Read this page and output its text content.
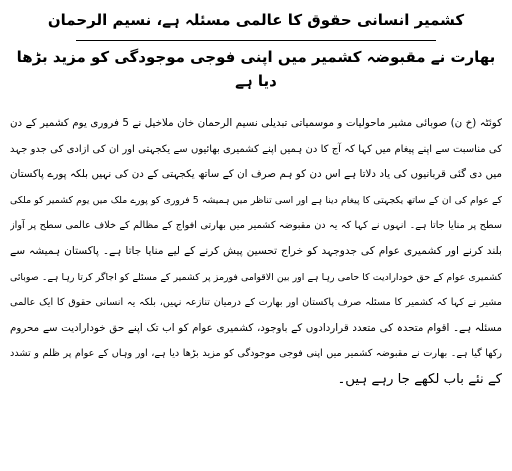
کشمیر انسانی حقوق کا عالمی مسئلہ ہے، نسیم الرحمان
بھارت نے مقبوضہ کشمیر میں اپنی فوجی موجودگی کو مزید بڑھا دیا ہے
کوئٹہ (خ ن) صوبائی مشیر ماحولیات و موسمیاتی تبدیلی نسیم الرحمان خان ملاخیل نے 5 فروری یوم کشمیر کے دن
کی مناسبت سے اپنے پیغام میں کہا کہ آج کا دن ہمیں اپنے کشمیری بھائیوں سے یکجہتی اور ان کی ازادی کی جدو جہد
میں دی گئی قربانیوں کی یاد دلاتا ہے اس دن کو ہم صرف ان کے ساتھ یکجہتی کے دن کی نہیں بلکہ پورے پاکستان
کے عوام کی ان کے ساتھ یکجہتی کا پیغام دینا ہے اور اسی تناظر میں ہمیشہ 5 فروری کو پورے ملک میں یوم کشمیر کو ملکی
سطح پر منایا جاتا ہے۔ انہوں نے کہا کہ یہ دن مقبوضہ کشمیر میں بھارتی افواج کے مظالم کے خلاف عالمی سطح پر آواز
بلند کرنے اور کشمیری عوام کی جدوجہد کو خراج تحسین پیش کرنے کے لیے منایا جاتا ہے۔ پاکستان ہمیشہ سے
کشمیری عوام کے حق خودارادیت کا حامی رہا ہے اور بین الاقوامی فورمز پر کشمیر کے مسئلے کو اجاگر کرتا رہا ہے۔ صوبائی
مشیر نے کہا کہ کشمیر کا مسئلہ صرف پاکستان اور بھارت کے درمیان تنازعہ نہیں، بلکہ یہ انسانی حقوق کا ایک عالمی
مسئلہ ہے۔ اقوام متحدہ کی متعدد قراردادوں کے باوجود، کشمیری عوام کو اب تک اپنے حق خودارادیت سے محروم
رکھا گیا ہے۔ بھارت نے مقبوضہ کشمیر میں اپنی فوجی موجودگی کو مزید بڑھا دیا ہے، اور وہاں کے عوام پر ظلم و تشدد
کے نئے باب لکھے جا رہے ہیں۔
